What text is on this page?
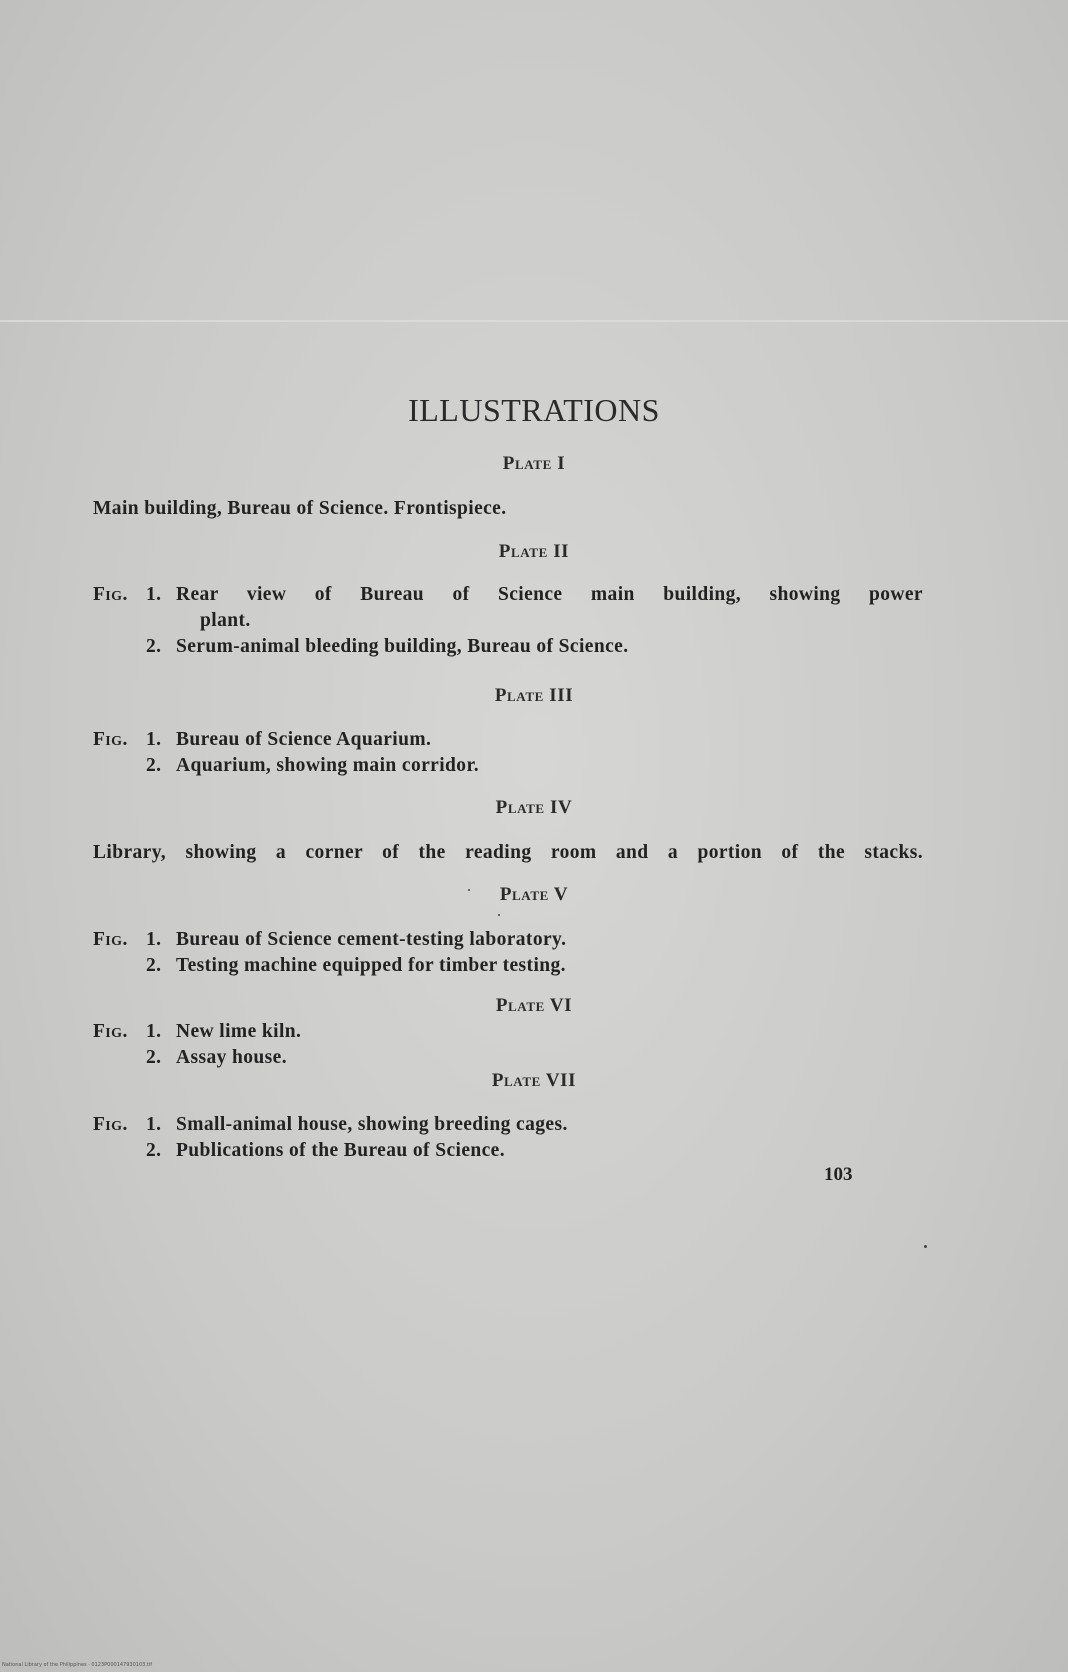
ILLUSTRATIONS
Plate I
Main building, Bureau of Science. Frontispiece.
Plate II
Fig. 1. Rear view of Bureau of Science main building, showing power
plant.
2. Serum-animal bleeding building, Bureau of Science.
Plate III
Fig. 1. Bureau of Science Aquarium.
2. Aquarium, showing main corridor.
Plate IV
Library, showing a corner of the reading room and a portion of the stacks.
Plate V
Fig. 1. Bureau of Science cement-testing laboratory.
2. Testing machine equipped for timber testing.
Plate VI
Fig. 1. New lime kiln.
2. Assay house.
Plate VII
Fig. 1. Small-animal house, showing breeding cages.
2. Publications of the Bureau of Science.
103
National Library of the Philippines · 0123P000147930103.tif
